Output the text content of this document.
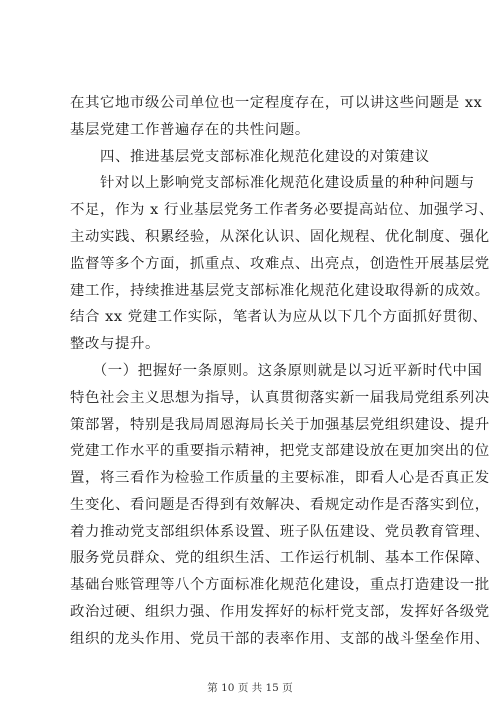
在其它地市级公司单位也一定程度存在，可以讲这些问题是 xx
基层党建工作普遍存在的共性问题。
　　四、推进基层党支部标准化规范化建设的对策建议
　　针对以上影响党支部标准化规范化建设质量的种种问题与
不足，作为 x 行业基层党务工作者务必要提高站位、加强学习、
主动实践、积累经验，从深化认识、固化规程、优化制度、强化
监督等多个方面，抓重点、攻难点、出亮点，创造性开展基层党
建工作，持续推进基层党支部标准化规范化建设取得新的成效。
结合 xx 党建工作实际，笔者认为应从以下几个方面抓好贯彻、
整改与提升。
　　（一）把握好一条原则。这条原则就是以习近平新时代中国
特色社会主义思想为指导，认真贯彻落实新一届我局党组系列决
策部署，特别是我局周恩海局长关于加强基层党组织建设、提升
党建工作水平的重要指示精神，把党支部建设放在更加突出的位
置，将三看作为检验工作质量的主要标准，即看人心是否真正发
生变化、看问题是否得到有效解决、看规定动作是否落实到位，
着力推动党支部组织体系设置、班子队伍建设、党员教育管理、
服务党员群众、党的组织生活、工作运行机制、基本工作保障、
基础台账管理等八个方面标准化规范化建设，重点打造建设一批
政治过硬、组织力强、作用发挥好的标杆党支部，发挥好各级党
组织的龙头作用、党员干部的表率作用、支部的战斗堡垒作用、
第 10 页 共 15 页
